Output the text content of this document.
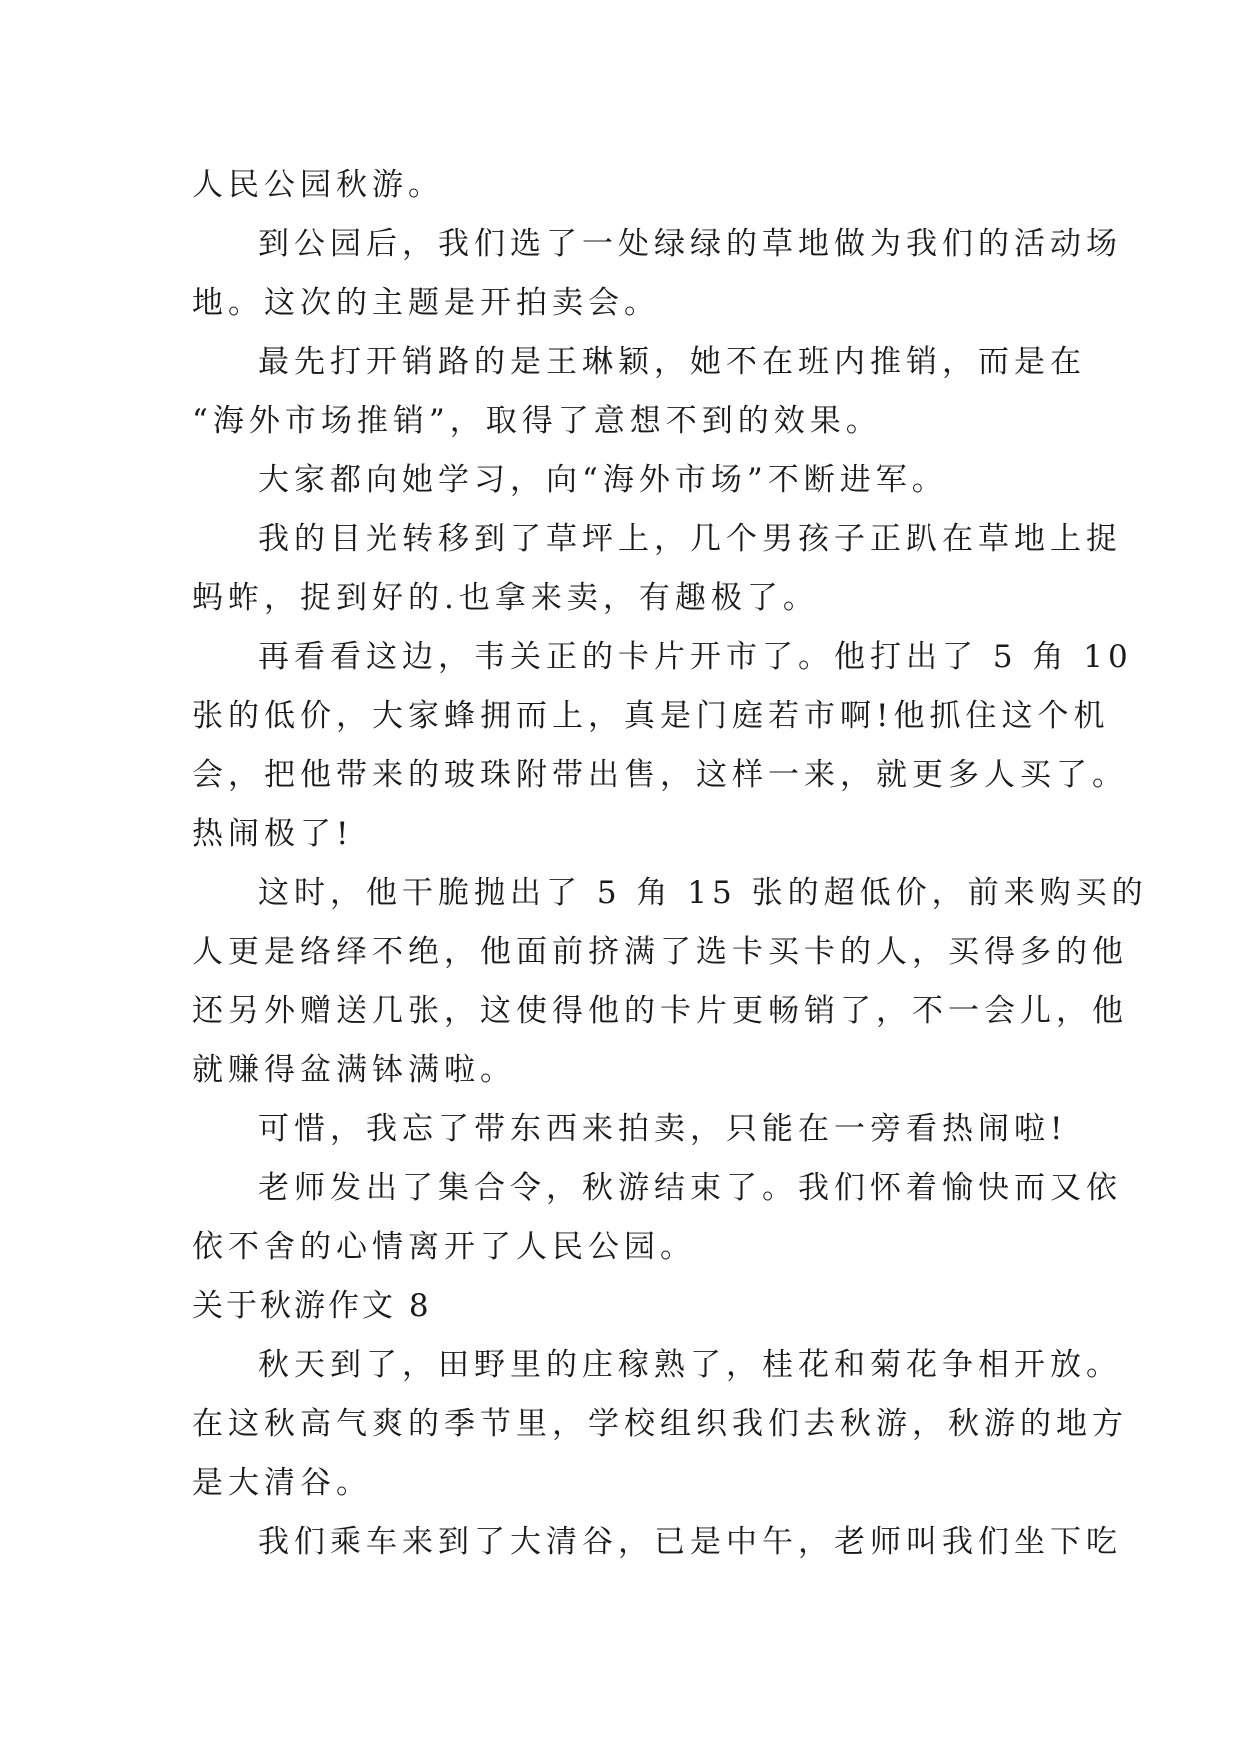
人民公园秋游。
到公园后，我们选了一处绿绿的草地做为我们的活动场
地。这次的主题是开拍卖会。
最先打开销路的是王琳颖，她不在班内推销，而是在
“海外市场推销”，取得了意想不到的效果。
大家都向她学习，向“海外市场”不断进军。
我的目光转移到了草坪上，几个男孩子正趴在草地上捉
蚂蚱，捉到好的.也拿来卖，有趣极了。
再看看这边，韦关正的卡片开市了。他打出了 5 角 10
张的低价，大家蜂拥而上，真是门庭若市啊!他抓住这个机
会，把他带来的玻珠附带出售，这样一来，就更多人买了。
热闹极了!
这时，他干脆抛出了 5 角 15 张的超低价，前来购买的
人更是络绎不绝，他面前挤满了选卡买卡的人，买得多的他
还另外赠送几张，这使得他的卡片更畅销了，不一会儿，他
就赚得盆满钵满啦。
可惜，我忘了带东西来拍卖，只能在一旁看热闹啦!
老师发出了集合令，秋游结束了。我们怀着愉快而又依
依不舍的心情离开了人民公园。
关于秋游作文 8
秋天到了，田野里的庄稼熟了，桂花和菊花争相开放。
在这秋高气爽的季节里，学校组织我们去秋游，秋游的地方
是大清谷。
我们乘车来到了大清谷，已是中午，老师叫我们坐下吃
